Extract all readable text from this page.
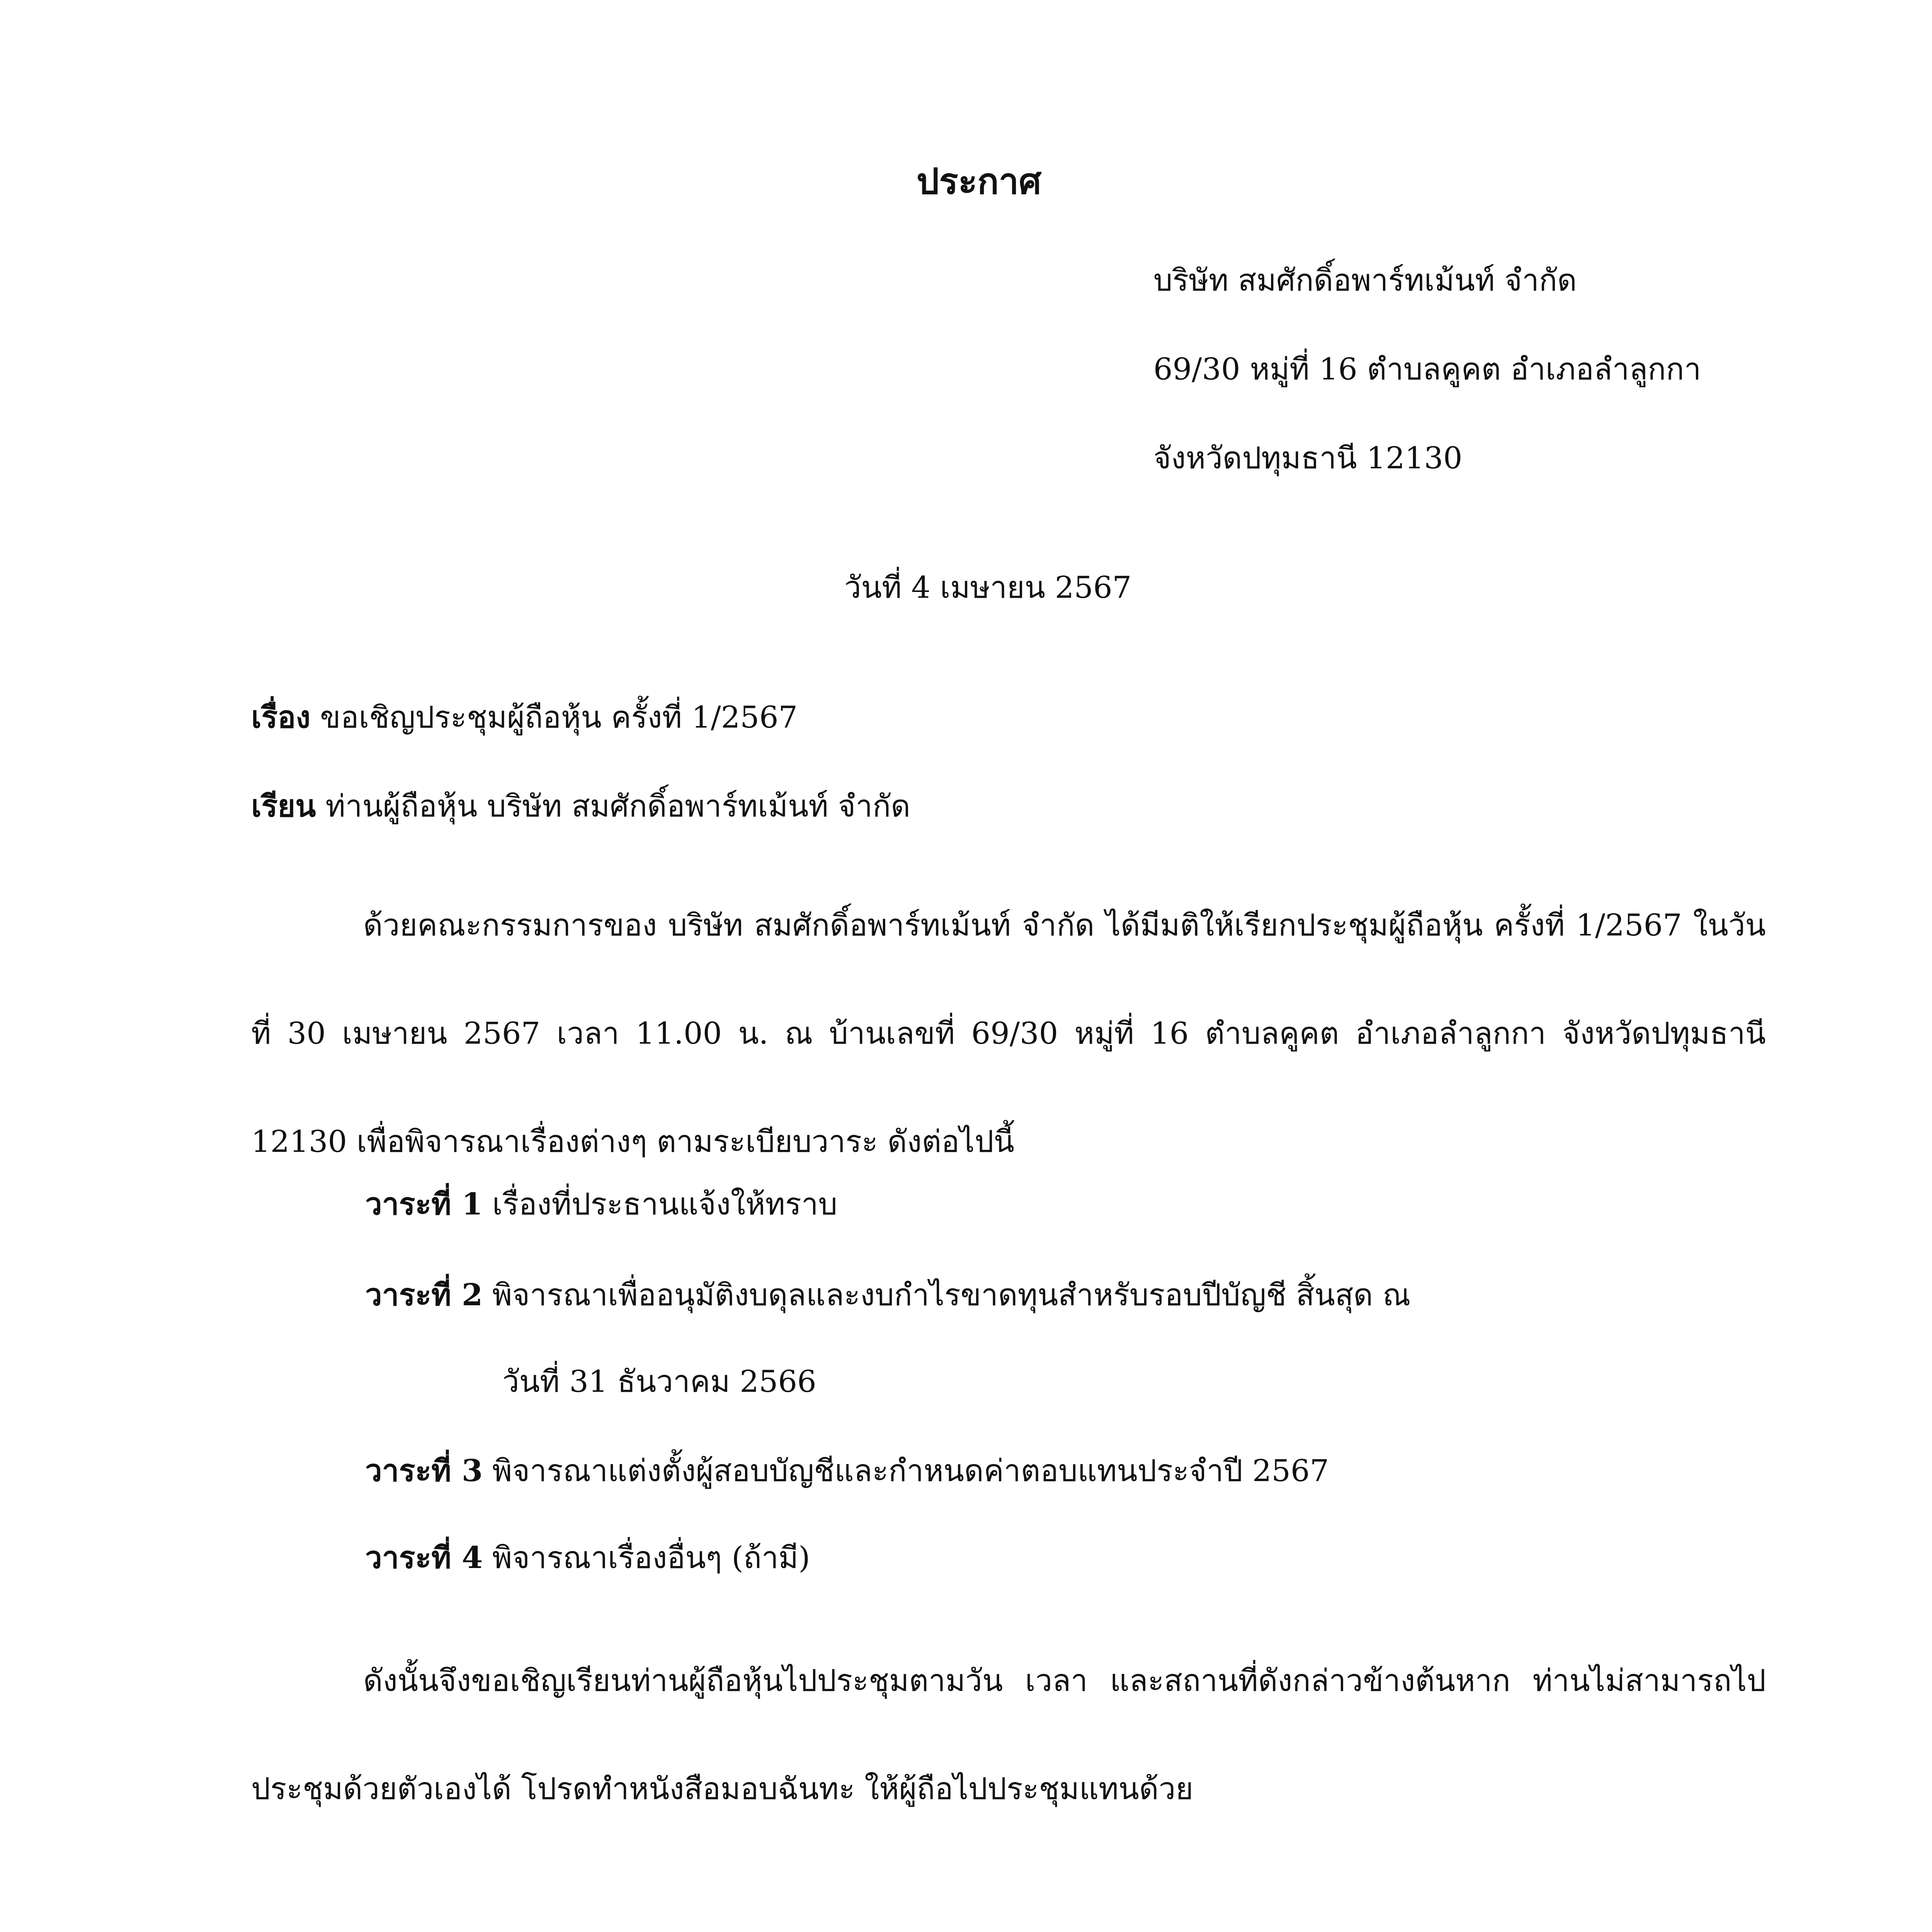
ประกาศ
บริษัท สมศักดิ์อพาร์ทเม้นท์ จำกัด
69/30 หมู่ที่ 16 ตำบลคูคต อำเภอลำลูกกา
จังหวัดปทุมธานี 12130
วันที่ 4 เมษายน 2567
เรื่อง ขอเชิญประชุมผู้ถือหุ้น ครั้งที่ 1/2567
เรียน ท่านผู้ถือหุ้น บริษัท สมศักดิ์อพาร์ทเม้นท์ จำกัด
ด้วยคณะกรรมการของ บริษัท สมศักดิ์อพาร์ทเม้นท์ จำกัด ได้มีมติให้เรียกประชุมผู้ถือหุ้น ครั้งที่ 1/2567 ในวันที่ 30 เมษายน 2567 เวลา 11.00 น. ณ บ้านเลขที่ 69/30 หมู่ที่ 16 ตำบลคูคต อำเภอลำลูกกา จังหวัดปทุมธานี 12130 เพื่อพิจารณาเรื่องต่างๆ ตามระเบียบวาระ ดังต่อไปนี้
วาระที่ 1 เรื่องที่ประธานแจ้งให้ทราบ
วาระที่ 2 พิจารณาเพื่ออนุมัติงบดุลและงบกำไรขาดทุนสำหรับรอบปีบัญชี สิ้นสุด ณ
วันที่ 31 ธันวาคม 2566
วาระที่ 3 พิจารณาแต่งตั้งผู้สอบบัญชีและกำหนดค่าตอบแทนประจำปี 2567
วาระที่ 4 พิจารณาเรื่องอื่นๆ (ถ้ามี)
ดังนั้นจึงขอเชิญเรียนท่านผู้ถือหุ้นไปประชุมตามวัน เวลา และสถานที่ดังกล่าวข้างต้นหาก ท่านไม่สามารถไปประชุมด้วยตัวเองได้ โปรดทำหนังสือมอบฉันทะ ให้ผู้ถือไปประชุมแทนด้วย
